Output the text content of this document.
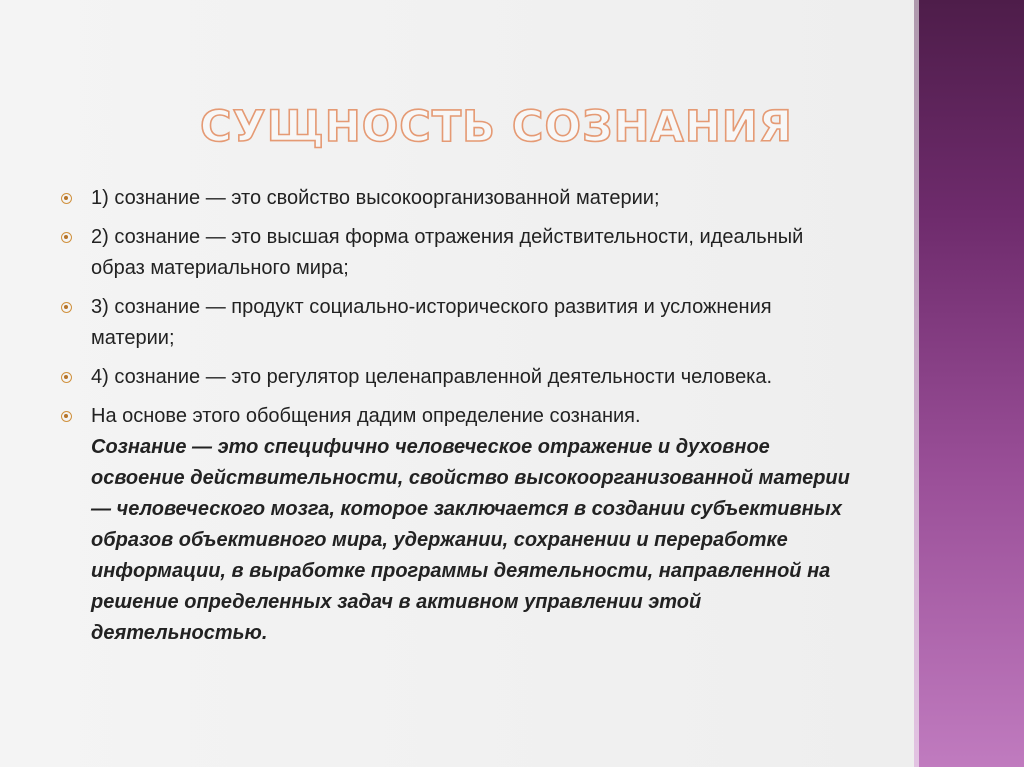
СУЩНОСТЬ СОЗНАНИЯ

1) сознание — это свойство высокоорганизованной материи;

2) сознание — это высшая форма отражения действительности, идеальный образ материального мира;

3) сознание — продукт социально-исторического развития и усложнения материи;

4) сознание — это регулятор целенаправленной деятельности человека.

На основе этого обобщения дадим определение сознания.

Сознание — это специфично человеческое отражение и духовное освоение действительности, свойство высокоорганизованной материи — человеческого мозга, которое заключается в создании субъективных образов объективного мира, удержании, сохранении и переработке информации, в выработке программы деятельности, направленной на решение определенных задач в активном управлении этой деятельностью.
